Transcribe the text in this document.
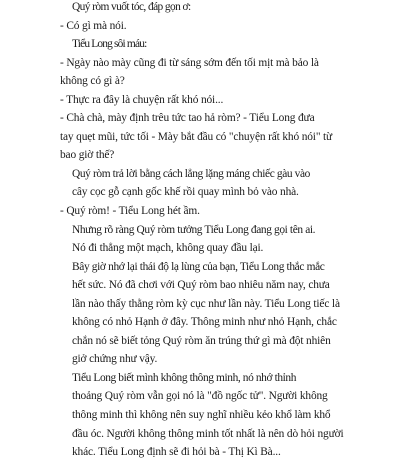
Quý ròm vuốt tóc, đáp gọn ơ:

- Có gì mà nói.

Tiểu Long sôi máu:

- Ngày nào mày cũng đi từ sáng sớm đến tối mịt mà bảo là
không có gì à?

- Thực ra đây là chuyện rất khó nói...

- Chà chà, mày định trêu tức tao hả ròm? - Tiểu Long đưa
tay quẹt mũi, tức tối - Mày bắt đầu có "chuyện rất khó nói" từ
bao giờ thế?

Quý ròm trả lời bằng cách lẳng lặng máng chiếc gàu vào
cây cọc gỗ cạnh gốc khế rồi quay mình bỏ vào nhà.

- Quý ròm! - Tiểu Long hét ầm.

Nhưng rõ ràng Quý ròm tưởng Tiểu Long đang gọi tên ai.
Nó đi thẳng một mạch, không quay đầu lại.

Bây giờ nhớ lại thái độ lạ lùng của bạn, Tiểu Long thắc mắc
hết sức. Nó đã chơi với Quý ròm bao nhiêu năm nay, chưa
lần nào thấy thằng ròm kỳ cục như lần này. Tiểu Long tiếc là
không có nhỏ Hạnh ở đây. Thông minh như nhỏ Hạnh, chắc
chắn nó sẽ biết tỏng Quý ròm ăn trúng thứ gì mà đột nhiên
giở chứng như vậy.

Tiểu Long biết mình không thông minh, nó nhớ thỉnh
thoảng Quý ròm vẫn gọi nó là "đồ ngốc tử". Người không
thông minh thì không nên suy nghĩ nhiều kẻo khổ làm khổ
đầu óc. Người không thông minh tốt nhất là nên dò hỏi người
khác. Tiểu Long định sẽ đi hỏi bà - Thị Kì Bà...
